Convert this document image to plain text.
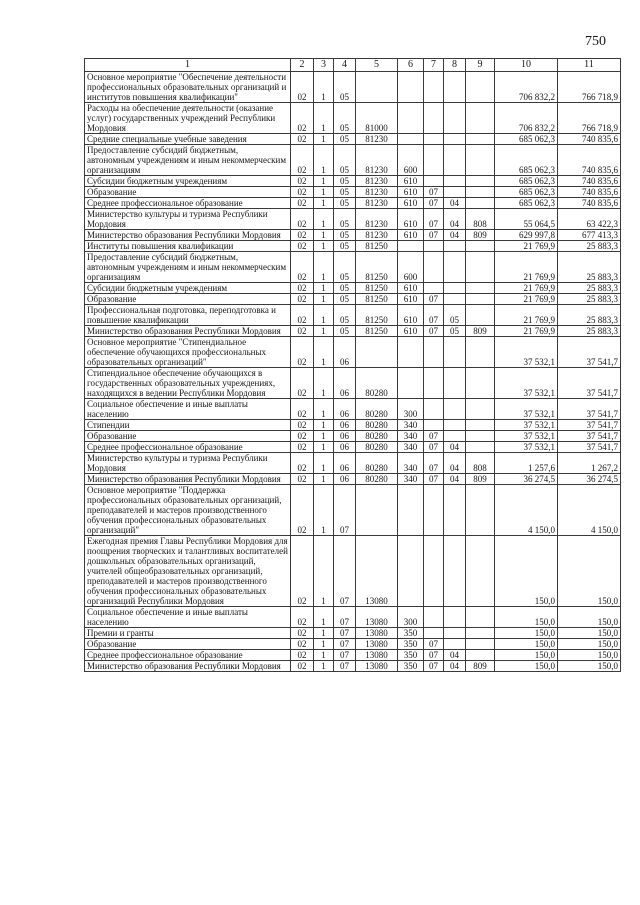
750
1	2	3	4	5	6	7	8	9	10	11
Основное мероприятие "Обеспечение деятельности профессиональных образовательных организаций и институтов повышения квалификации"	02	1	05						706 832,2	766 718,9
Расходы на обеспечение деятельности (оказание услуг) государственных учреждений Республики Мордовия	02	1	05	81000					706 832,2	766 718,9
Средние специальные учебные заведения	02	1	05	81230					685 062,3	740 835,6
Предоставление субсидий бюджетным, автономным учреждениям и иным некоммерческим организациям	02	1	05	81230	600				685 062,3	740 835,6
Субсидии бюджетным учреждениям	02	1	05	81230	610				685 062,3	740 835,6
Образование	02	1	05	81230	610	07			685 062,3	740 835,6
Среднее профессиональное образование	02	1	05	81230	610	07	04		685 062,3	740 835,6
Министерство культуры и туризма Республики Мордовия	02	1	05	81230	610	07	04	808	55 064,5	63 422,3
Министерство образования Республики Мордовия	02	1	05	81230	610	07	04	809	629 997,8	677 413,3
Институты повышения квалификации	02	1	05	81250					21 769,9	25 883,3
Предоставление субсидий бюджетным, автономным учреждениям и иным некоммерческим организациям	02	1	05	81250	600				21 769,9	25 883,3
Субсидии бюджетным учреждениям	02	1	05	81250	610				21 769,9	25 883,3
Образование	02	1	05	81250	610	07			21 769,9	25 883,3
Профессиональная подготовка, переподготовка и повышение квалификации	02	1	05	81250	610	07	05		21 769,9	25 883,3
Министерство образования Республики Мордовия	02	1	05	81250	610	07	05	809	21 769,9	25 883,3
Основное мероприятие "Стипендиальное обеспечение обучающихся профессиональных образовательных организаций"	02	1	06						37 532,1	37 541,7
Стипендиальное обеспечение обучающихся в государственных образовательных учреждениях, находящихся в ведении Республики Мордовия	02	1	06	80280					37 532,1	37 541,7
Социальное обеспечение и иные выплаты населению	02	1	06	80280	300				37 532,1	37 541,7
Стипендии	02	1	06	80280	340				37 532,1	37 541,7
Образование	02	1	06	80280	340	07			37 532,1	37 541,7
Среднее профессиональное образование	02	1	06	80280	340	07	04		37 532,1	37 541,7
Министерство культуры и туризма Республики Мордовия	02	1	06	80280	340	07	04	808	1 257,6	1 267,2
Министерство образования Республики Мордовия	02	1	06	80280	340	07	04	809	36 274,5	36 274,5
Основное мероприятие "Поддержка профессиональных образовательных организаций, преподавателей и мастеров производственного обучения профессиональных образовательных организаций"	02	1	07						4 150,0	4 150,0
Ежегодная премия Главы Республики Мордовия для поощрения творческих и талантливых воспитателей дошкольных образовательных организаций, учителей общеобразовательных организаций, преподавателей и мастеров производственного обучения профессиональных образовательных организаций Республики Мордовия	02	1	07	13080					150,0	150,0
Социальное обеспечение и иные выплаты населению	02	1	07	13080	300				150,0	150,0
Премии и гранты	02	1	07	13080	350				150,0	150,0
Образование	02	1	07	13080	350	07			150,0	150,0
Среднее профессиональное образование	02	1	07	13080	350	07	04		150,0	150,0
Министерство образования Республики Мордовия	02	1	07	13080	350	07	04	809	150,0	150,0
